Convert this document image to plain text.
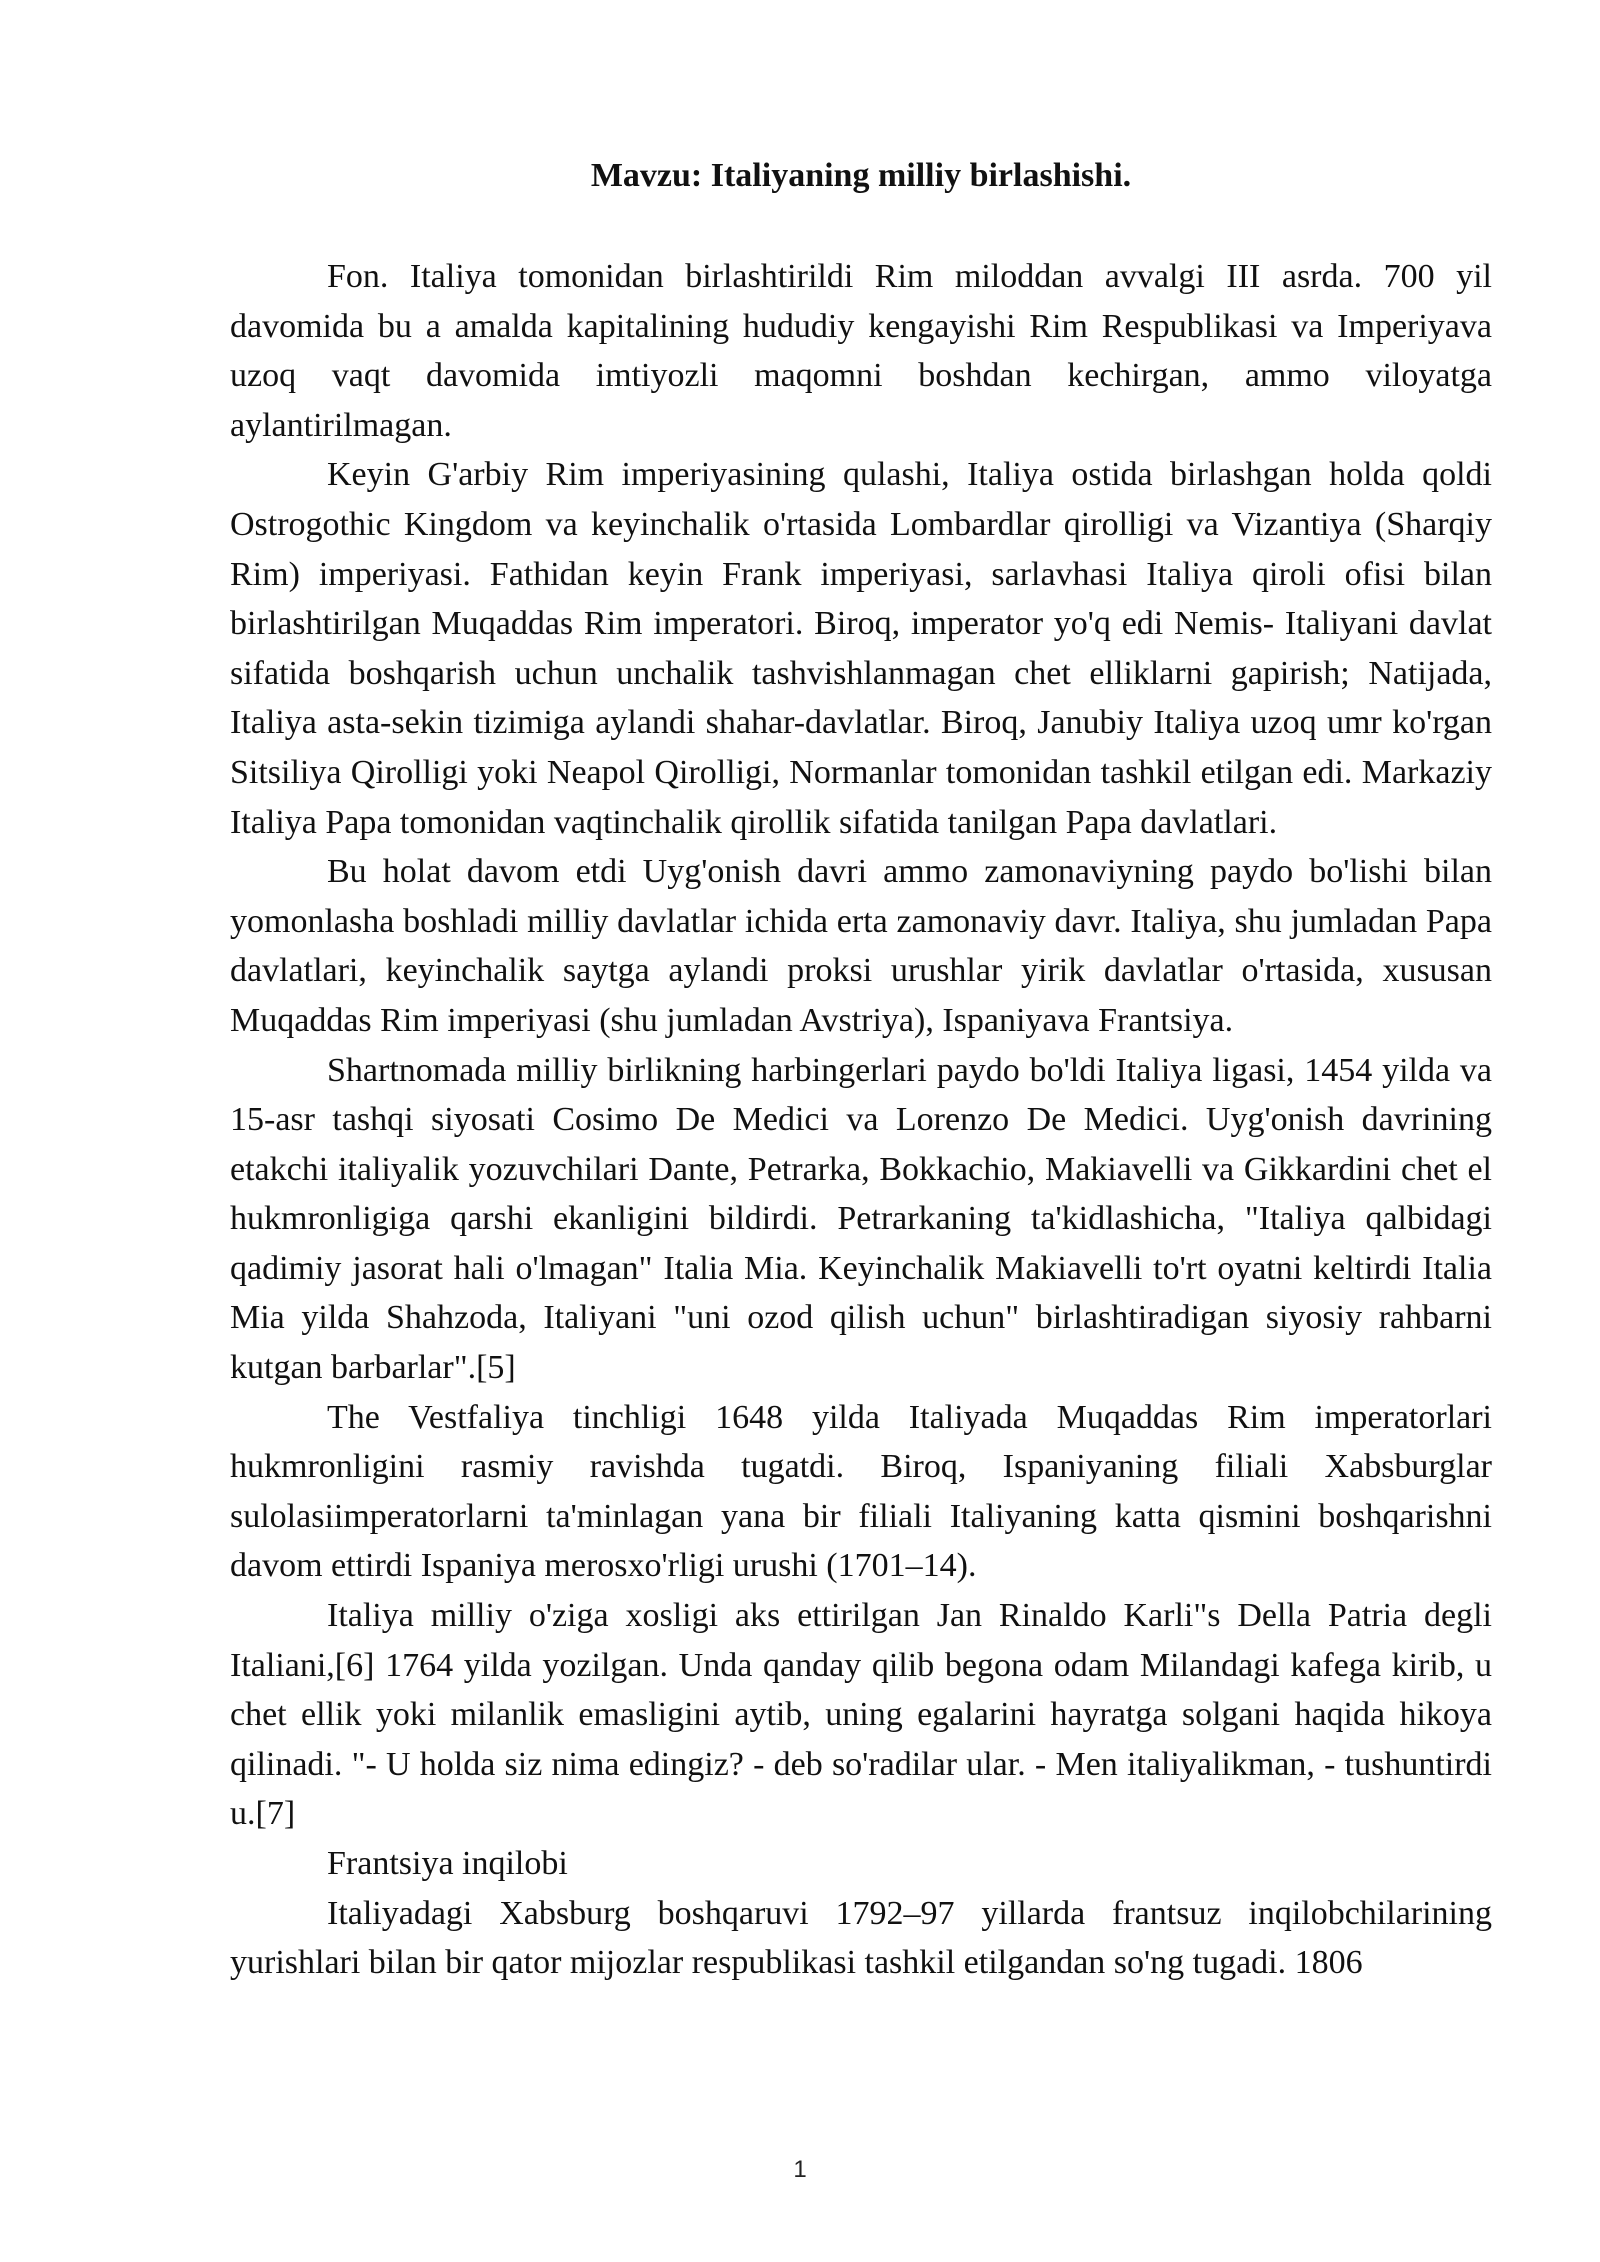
Mavzu: Italiyaning milliy birlashishi.

Fon. Italiya tomonidan birlashtirildi Rim miloddan avvalgi III asrda. 700 yil davomida bu a amalda kapitalining hududiy kengayishi Rim Respublikasi va Imperiyava uzoq vaqt davomida imtiyozli maqomni boshdan kechirgan, ammo viloyatga aylantirilmagan.

Keyin G'arbiy Rim imperiyasining qulashi, Italiya ostida birlashgan holda qoldi Ostrogothic Kingdom va keyinchalik o'rtasida Lombardlar qirolligi va Vizantiya (Sharqiy Rim) imperiyasi. Fathidan keyin Frank imperiyasi, sarlavhasi Italiya qiroli ofisi bilan birlashtirilgan Muqaddas Rim imperatori. Biroq, imperator yo'q edi Nemis- Italiyani davlat sifatida boshqarish uchun unchalik tashvishlanmagan chet elliklarni gapirish; Natijada, Italiya asta-sekin tizimiga aylandi shahar-davlatlar. Biroq, Janubiy Italiya uzoq umr ko'rgan Sitsiliya Qirolligi yoki Neapol Qirolligi, Normanlar tomonidan tashkil etilgan edi. Markaziy Italiya Papa tomonidan vaqtinchalik qirollik sifatida tanilgan Papa davlatlari.

Bu holat davom etdi Uyg'onish davri ammo zamonaviyning paydo bo'lishi bilan yomonlasha boshladi milliy davlatlar ichida erta zamonaviy davr. Italiya, shu jumladan Papa davlatlari, keyinchalik saytga aylandi proksi urushlar yirik davlatlar o'rtasida, xususan Muqaddas Rim imperiyasi (shu jumladan Avstriya), Ispaniyava Frantsiya.

Shartnomada milliy birlikning harbingerlari paydo bo'ldi Italiya ligasi, 1454 yilda va 15-asr tashqi siyosati Cosimo De Medici va Lorenzo De Medici. Uyg'onish davrining etakchi italiyalik yozuvchilari Dante, Petrarka, Bokkachio, Makiavelli va Gikkardini chet el hukmronligiga qarshi ekanligini bildirdi. Petrarkaning ta'kidlashicha, "Italiya qalbidagi qadimiy jasorat hali o'lmagan" Italia Mia. Keyinchalik Makiavelli to'rt oyatni keltirdi Italia Mia yilda Shahzoda, Italiyani "uni ozod qilish uchun" birlashtiradigan siyosiy rahbarni kutgan barbarlar".[5]

The Vestfaliya tinchligi 1648 yilda Italiyada Muqaddas Rim imperatorlari hukmronligini rasmiy ravishda tugatdi. Biroq, Ispaniyaning filiali Xabsburglar sulolasiimperatorlarni ta'minlagan yana bir filiali Italiyaning katta qismini boshqarishni davom ettirdi Ispaniya merosxo'rligi urushi (1701–14).

Italiya milliy o'ziga xosligi aks ettirilgan Jan Rinaldo Karli"s Della Patria degli Italiani,[6] 1764 yilda yozilgan. Unda qanday qilib begona odam Milandagi kafega kirib, u chet ellik yoki milanlik emasligini aytib, uning egalarini hayratga solgani haqida hikoya qilinadi. "- U holda siz nima edingiz? - deb so'radilar ular. - Men italiyalikman, - tushuntirdi u.[7]

Frantsiya inqilobi

Italiyadagi Xabsburg boshqaruvi 1792–97 yillarda frantsuz inqilobchilarining yurishlari bilan bir qator mijozlar respublikasi tashkil etilgandan so'ng tugadi. 1806

1
